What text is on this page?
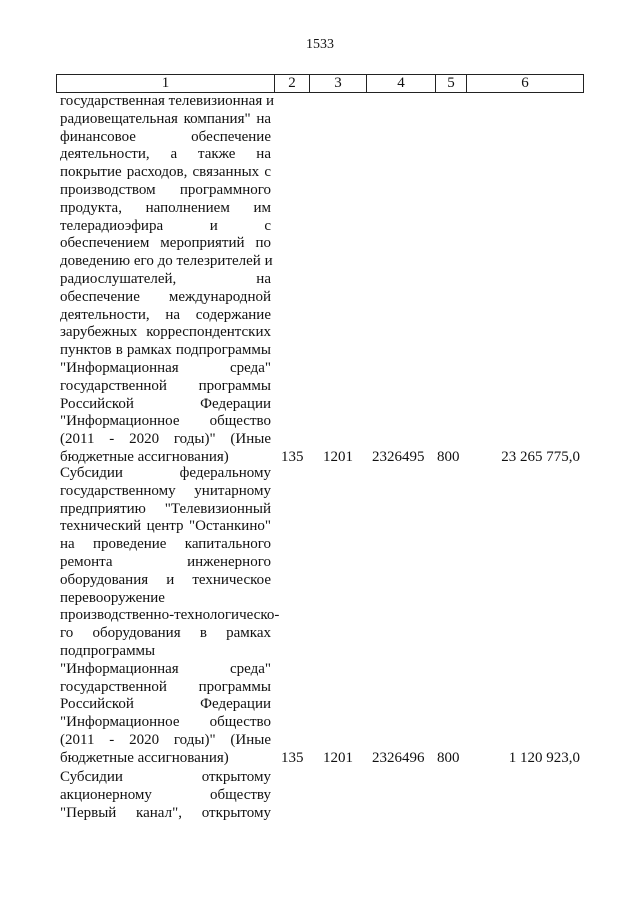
1533
1	2	3	4	5	6
государственная телевизионная и
радиовещательная компания" на
финансовое обеспечение
деятельности, а также на
покрытие расходов, связанных с
производством программного
продукта, наполнением им
телерадиоэфира и с
обеспечением мероприятий по
доведению его до телезрителей и
радиослушателей, на
обеспечение международной
деятельности, на содержание
зарубежных корреспондентских
пунктов в рамках подпрограммы
"Информационная среда"
государственной программы
Российской Федерации
"Информационное общество
(2011 - 2020 годы)" (Иные
бюджетные ассигнования)	135 1201 2326495 800	23 265 775,0
Субсидии федеральному
государственному унитарному
предприятию "Телевизионный
технический центр "Останкино"
на проведение капитального
ремонта инженерного
оборудования и техническое
перевооружение
производственно-технологическо-
го оборудования в рамках
подпрограммы
"Информационная среда"
государственной программы
Российской Федерации
"Информационное общество
(2011 - 2020 годы)" (Иные
бюджетные ассигнования)	135 1201 2326496 800	1 120 923,0
Субсидии открытому
акционерному обществу
"Первый канал", открытому
